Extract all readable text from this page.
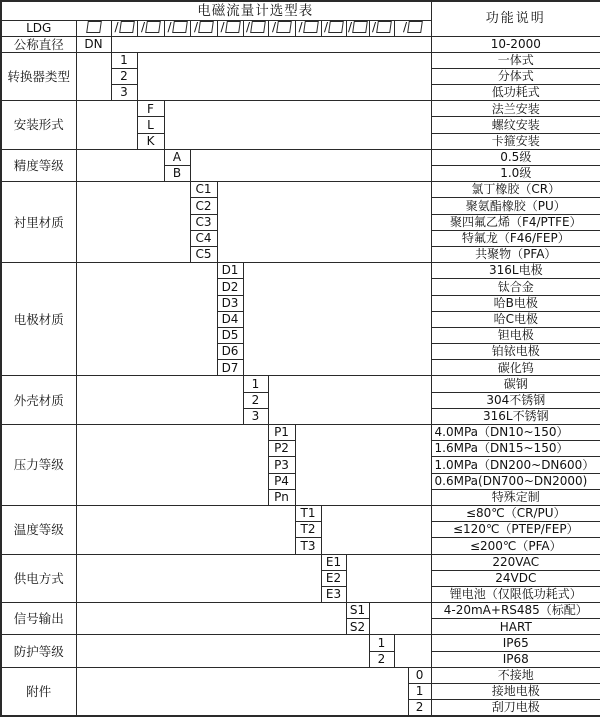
电磁流量计选型表															功能说明
LDG		/	/	/	/	/	/	/	/	/	/	/	/		
公称直径	DN														10-2000
转换器类型		1													一体式
		2													分体式
		3													低功耗式
安装形式			F												法兰安装
			L												螺纹安装
			K												卡箍安装
精度等级				A											0.5级
				B											1.0级
衬里材质					C1										氯丁橡胶（CR）
					C2										聚氨酯橡胶（PU）
					C3										聚四氟乙烯（F4/PTFE）
					C4										特氟龙（F46/FEP）
					C5										共聚物（PFA）
电极材质						D1									316L电极
						D2									钛合金
						D3									哈B电极
						D4									哈C电极
						D5									钽电极
						D6									铂铱电极
						D7									碳化钨
外壳材质							1								碳钢
							2								304不锈钢
							3								316L不锈钢
压力等级								P1							4.0MPa（DN10~150）
								P2							1.6MPa（DN15~150）
								P3							1.0MPa（DN200~DN600）
								P4							0.6MPa(DN700~DN2000)
								Pn							特殊定制
温度等级									T1						≤80℃（CR/PU）
									T2						≤120℃（PTEP/FEP）
									T3						≤200℃（PFA）
供电方式										E1					220VAC
										E2					24VDC
										E3					锂电池（仅限低功耗式）
信号输出											S1				4-20mA+RS485（标配）
											S2				HART
防护等级												1			IP65
												2			IP68
附件														0	不接地
														1	接地电极
														2	刮刀电极
